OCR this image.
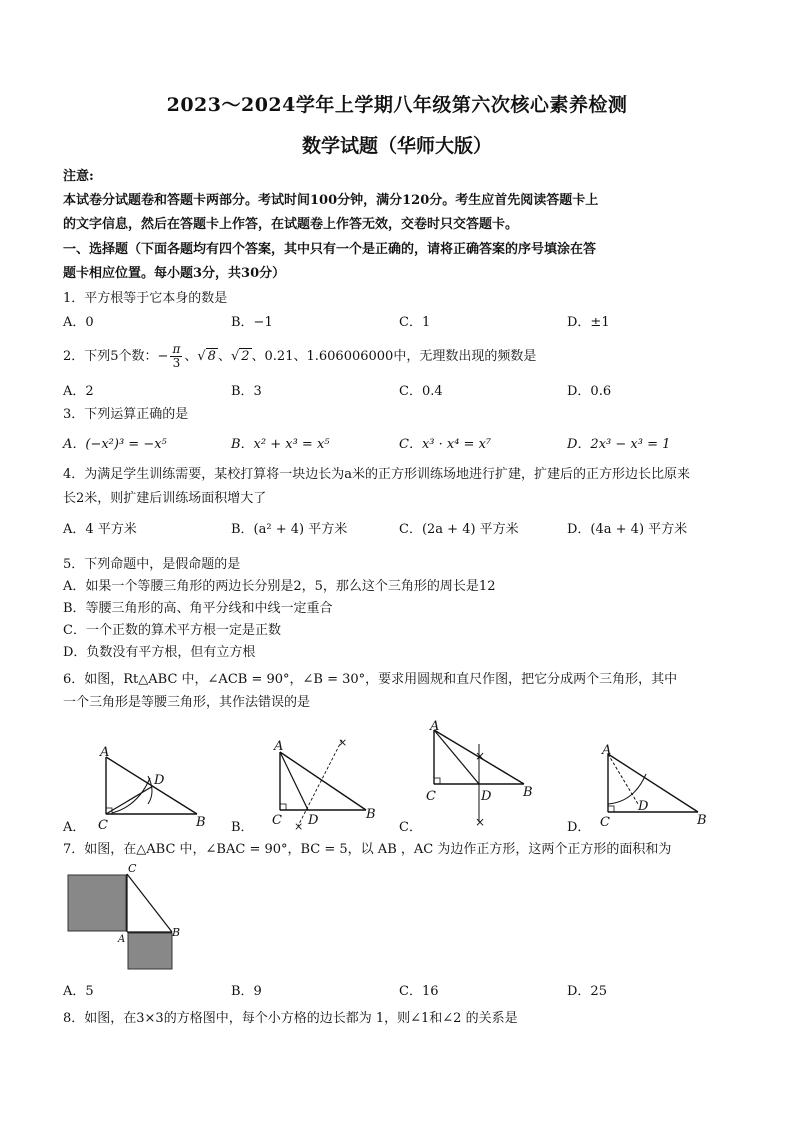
2023～2024学年上学期八年级第六次核心素养检测
数学试题（华师大版）
注意:
本试卷分试题卷和答题卡两部分。考试时间100分钟，满分120分。考生应首先阅读答题卡上
的文字信息，然后在答题卡上作答，在试题卷上作答无效，交卷时只交答题卡。
一、选择题（下面各题均有四个答案，其中只有一个是正确的，请将正确答案的序号填涂在答
题卡相应位置。每小题3分，共30分）
1．平方根等于它本身的数是
A．0	B．−1	C．1	D．±1
2．下列5个数：− $\frac{\pi}{3}$ 、√ 8 、√ 2 、0.21、1.606006000中，无理数出现的频数是
A．2	B．3	C．0.4	D．0.6
3．下列运算正确的是
A．(−x²)³ = −x⁵	B．x² + x³ = x⁵	C．x³ · x⁴ = x⁷	D．2x³ − x³ = 1
4．为满足学生训练需要，某校打算将一块边长为a米的正方形训练场地进行扩建，扩建后的正方形边长比原来
长2米，则扩建后训练场面积增大了
A．4 平方米	B．(a² + 4) 平方米	C．(2a + 4) 平方米	D．(4a + 4) 平方米
5．下列命题中，是假命题的是
A．如果一个等腰三角形的两边长分别是2，5，那么这个三角形的周长是12
B．等腰三角形的高、角平分线和中线一定重合
C．一个正数的算术平方根一定是正数
D．负数没有平方根，但有立方根
6．如图，Rt△ABC 中，∠ACB = 90°，∠B = 30°，要求用圆规和直尺作图，把它分成两个三角形，其中
一个三角形是等腰三角形，其作法错误的是
A
D
C	B
A．
×
×
A
C D	B
B．
×
×
A
C	D B
C．
A
D
C	B
D．
7．如图，在△ABC 中，∠BAC = 90°，BC = 5，以 AB ，AC 为边作正方形，这两个正方形的面积和为
C
A
B
A．5	B．9	C．16	D．25
8．如图，在3×3的方格图中，每个小方格的边长都为 1，则∠1和∠2 的关系是
